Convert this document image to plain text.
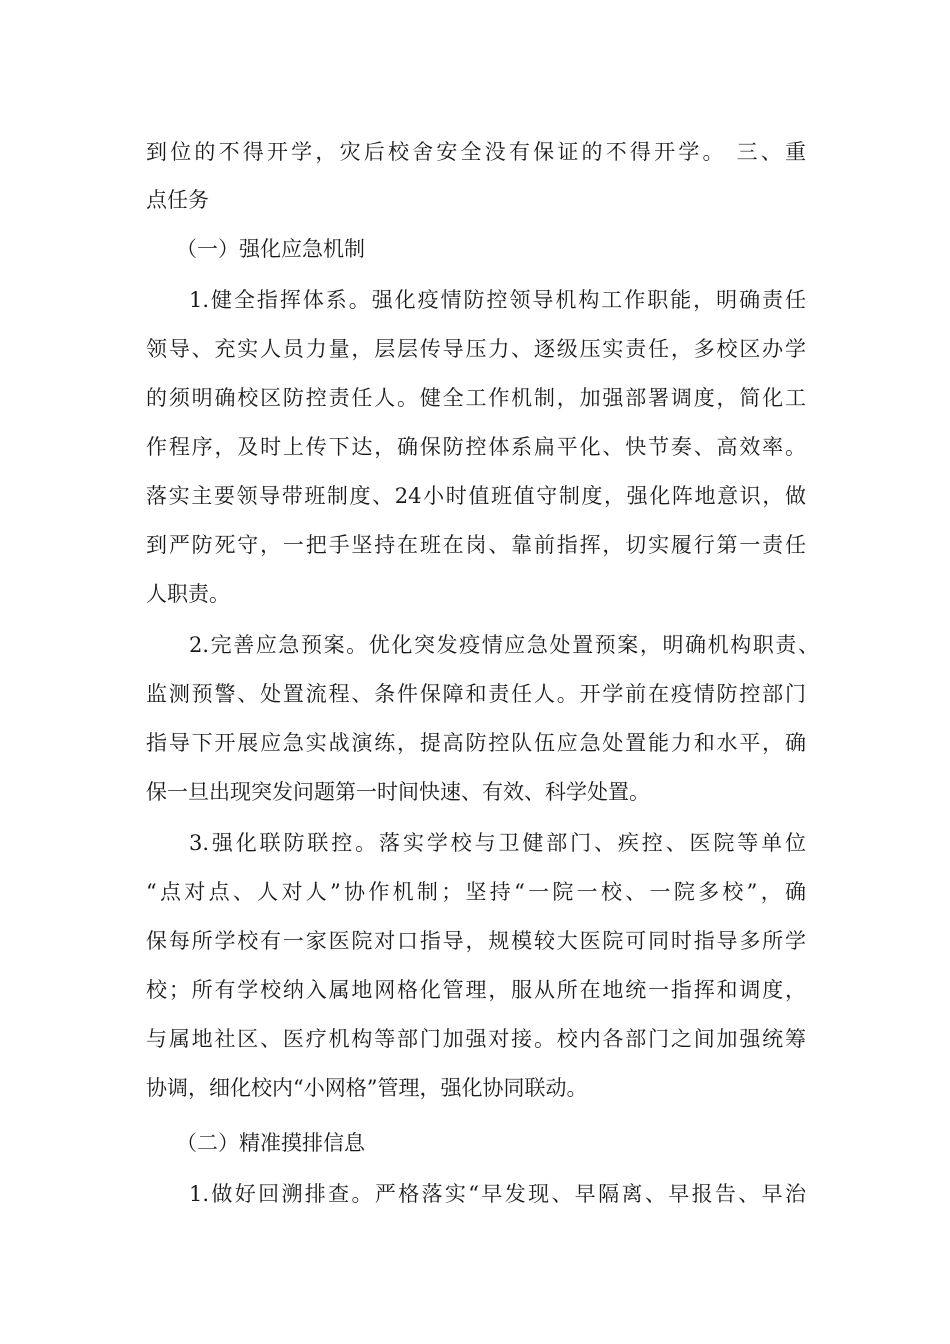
到位的不得开学，灾后校舍安全没有保证的不得开学。 三、重
点任务
（一）强化应急机制
1.健全指挥体系。强化疫情防控领导机构工作职能，明确责任
领导、充实人员力量，层层传导压力、逐级压实责任，多校区办学
的须明确校区防控责任人。健全工作机制，加强部署调度，简化工
作程序，及时上传下达，确保防控体系扁平化、快节奏、高效率。
落实主要领导带班制度、24小时值班值守制度，强化阵地意识，做
到严防死守，一把手坚持在班在岗、靠前指挥，切实履行第一责任
人职责。
2.完善应急预案。优化突发疫情应急处置预案，明确机构职责、
监测预警、处置流程、条件保障和责任人。开学前在疫情防控部门
指导下开展应急实战演练，提高防控队伍应急处置能力和水平，确
保一旦出现突发问题第一时间快速、有效、科学处置。
3.强化联防联控。落实学校与卫健部门、疾控、医院等单位
“点对点、人对人”协作机制；坚持“一院一校、一院多校”，确
保每所学校有一家医院对口指导，规模较大医院可同时指导多所学
校；所有学校纳入属地网格化管理，服从所在地统一指挥和调度，
与属地社区、医疗机构等部门加强对接。校内各部门之间加强统筹
协调，细化校内“小网格”管理，强化协同联动。
（二）精准摸排信息
1.做好回溯排查。严格落实“早发现、早隔离、早报告、早治
